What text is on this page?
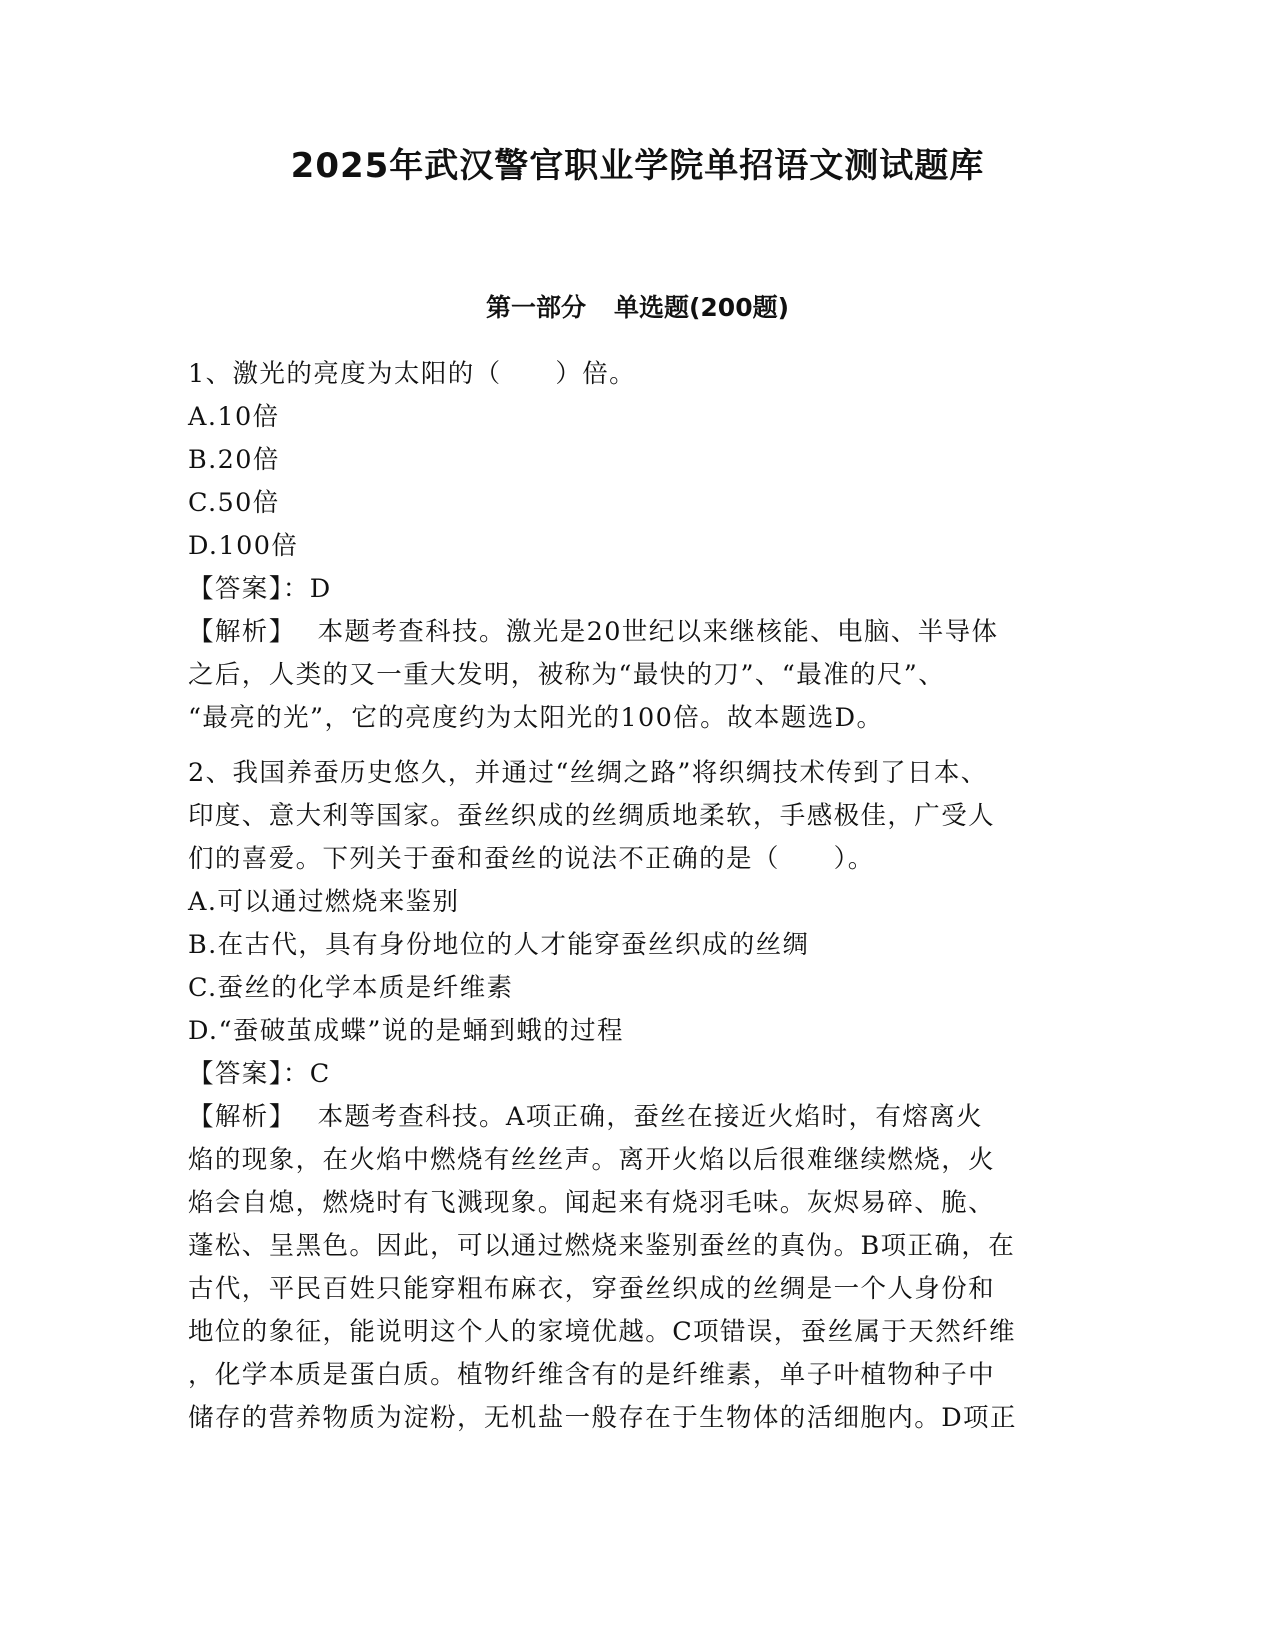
2025年武汉警官职业学院单招语文测试题库
第一部分 单选题(200题)
1、激光的亮度为太阳的（　　）倍。
A.10倍
B.20倍
C.50倍
D.100倍
【答案】：D
【解析】 本题考查科技。激光是20世纪以来继核能、电脑、半导体
之后，人类的又一重大发明，被称为“最快的刀”、“最准的尺”、
“最亮的光”，它的亮度约为太阳光的100倍。故本题选D。
2、我国养蚕历史悠久，并通过“丝绸之路”将织绸技术传到了日本、
印度、意大利等国家。蚕丝织成的丝绸质地柔软，手感极佳，广受人
们的喜爱。下列关于蚕和蚕丝的说法不正确的是（　　）。
A.可以通过燃烧来鉴别
B.在古代，具有身份地位的人才能穿蚕丝织成的丝绸
C.蚕丝的化学本质是纤维素
D.“蚕破茧成蝶”说的是蛹到蛾的过程
【答案】：C
【解析】 本题考查科技。A项正确，蚕丝在接近火焰时，有熔离火
焰的现象，在火焰中燃烧有丝丝声。离开火焰以后很难继续燃烧，火
焰会自熄，燃烧时有飞溅现象。闻起来有烧羽毛味。灰烬易碎、脆、
蓬松、呈黑色。因此，可以通过燃烧来鉴别蚕丝的真伪。B项正确，在
古代，平民百姓只能穿粗布麻衣，穿蚕丝织成的丝绸是一个人身份和
地位的象征，能说明这个人的家境优越。C项错误，蚕丝属于天然纤维
，化学本质是蛋白质。植物纤维含有的是纤维素，单子叶植物种子中
储存的营养物质为淀粉，无机盐一般存在于生物体的活细胞内。D项正
